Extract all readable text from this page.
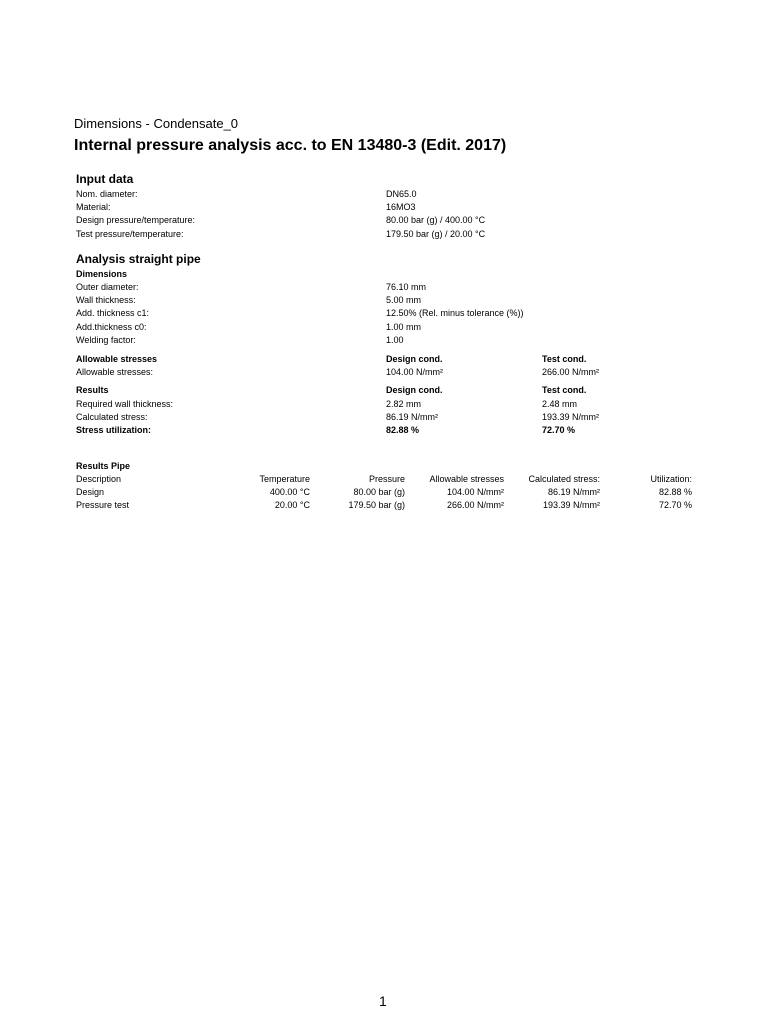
Dimensions - Condensate_0
Internal pressure analysis acc. to EN 13480-3 (Edit. 2017)
Input data
Nom. diameter:	DN65.0
Material:	16MO3
Design pressure/temperature:	80.00 bar (g) / 400.00 °C
Test pressure/temperature:	179.50 bar (g) / 20.00 °C
Analysis straight pipe
Dimensions
Outer diameter:	76.10 mm
Wall thickness:	5.00 mm
Add. thickness c1:	12.50% (Rel. minus tolerance (%))
Add.thickness c0:	1.00 mm
Welding factor:	1.00
Allowable stresses	Design cond.	Test cond.
Allowable stresses:	104.00 N/mm²	266.00 N/mm²
Results	Design cond.	Test cond.
Required wall thickness:	2.82 mm	2.48 mm
Calculated stress:	86.19 N/mm²	193.39 N/mm²
Stress utilization:	82.88 %	72.70 %
Results Pipe
Description	Temperature	Pressure	Allowable stresses	Calculated stress:	Utilization:
Design	400.00 °C	80.00 bar (g)	104.00 N/mm²	86.19 N/mm²	82.88 %
Pressure test	20.00 °C	179.50 bar (g)	266.00 N/mm²	193.39 N/mm²	72.70 %
1
